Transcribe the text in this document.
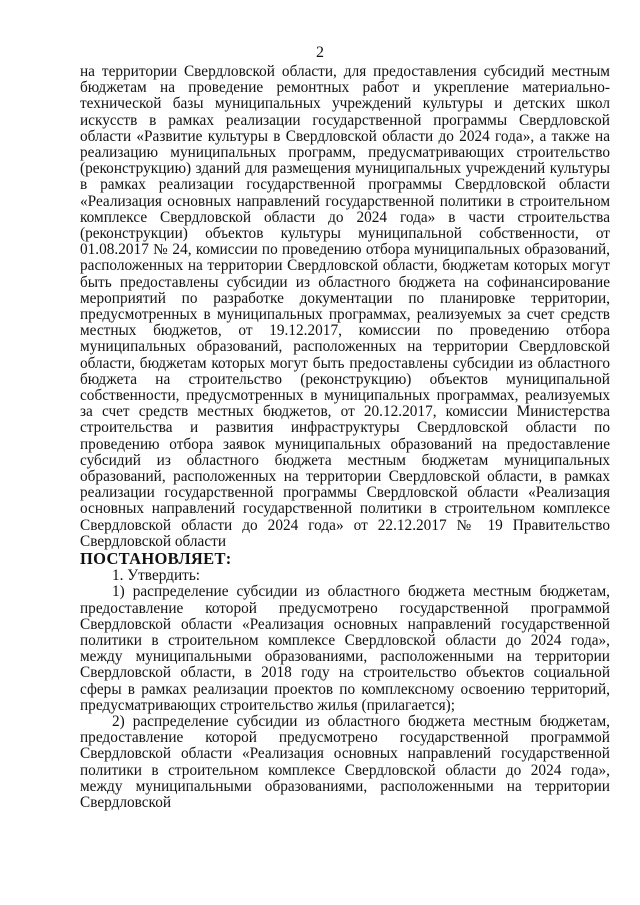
2

на территории Свердловской области, для предоставления субсидий местным бюджетам на проведение ремонтных работ и укрепление материально-технической базы муниципальных учреждений культуры и детских школ искусств в рамках реализации государственной программы Свердловской области «Развитие культуры в Свердловской области до 2024 года», а также на реализацию муниципальных программ, предусматривающих строительство (реконструкцию) зданий для размещения муниципальных учреждений культуры в рамках реализации государственной программы Свердловской области «Реализация основных направлений государственной политики в строительном комплексе Свердловской области до 2024 года» в части строительства (реконструкции) объектов культуры муниципальной собственности, от 01.08.2017 № 24, комиссии по проведению отбора муниципальных образований, расположенных на территории Свердловской области, бюджетам которых могут быть предоставлены субсидии из областного бюджета на софинансирование мероприятий по разработке документации по планировке территории, предусмотренных в муниципальных программах, реализуемых за счет средств местных бюджетов, от 19.12.2017, комиссии по проведению отбора муниципальных образований, расположенных на территории Свердловской области, бюджетам которых могут быть предоставлены субсидии из областного бюджета на строительство (реконструкцию) объектов муниципальной собственности, предусмотренных в муниципальных программах, реализуемых за счет средств местных бюджетов, от 20.12.2017, комиссии Министерства строительства и развития инфраструктуры Свердловской области по проведению отбора заявок муниципальных образований на предоставление субсидий из областного бюджета местным бюджетам муниципальных образований, расположенных на территории Свердловской области, в рамках реализации государственной программы Свердловской области «Реализация основных направлений государственной политики в строительном комплексе Свердловской области до 2024 года» от 22.12.2017 № 19 Правительство Свердловской области

ПОСТАНОВЛЯЕТ:

1. Утвердить:

1) распределение субсидии из областного бюджета местным бюджетам, предоставление которой предусмотрено государственной программой Свердловской области «Реализация основных направлений государственной политики в строительном комплексе Свердловской области до 2024 года», между муниципальными образованиями, расположенными на территории Свердловской области, в 2018 году на строительство объектов социальной сферы в рамках реализации проектов по комплексному освоению территорий, предусматривающих строительство жилья (прилагается);

2) распределение субсидии из областного бюджета местным бюджетам, предоставление которой предусмотрено государственной программой Свердловской области «Реализация основных направлений государственной политики в строительном комплексе Свердловской области до 2024 года», между муниципальными образованиями, расположенными на территории Свердловской
